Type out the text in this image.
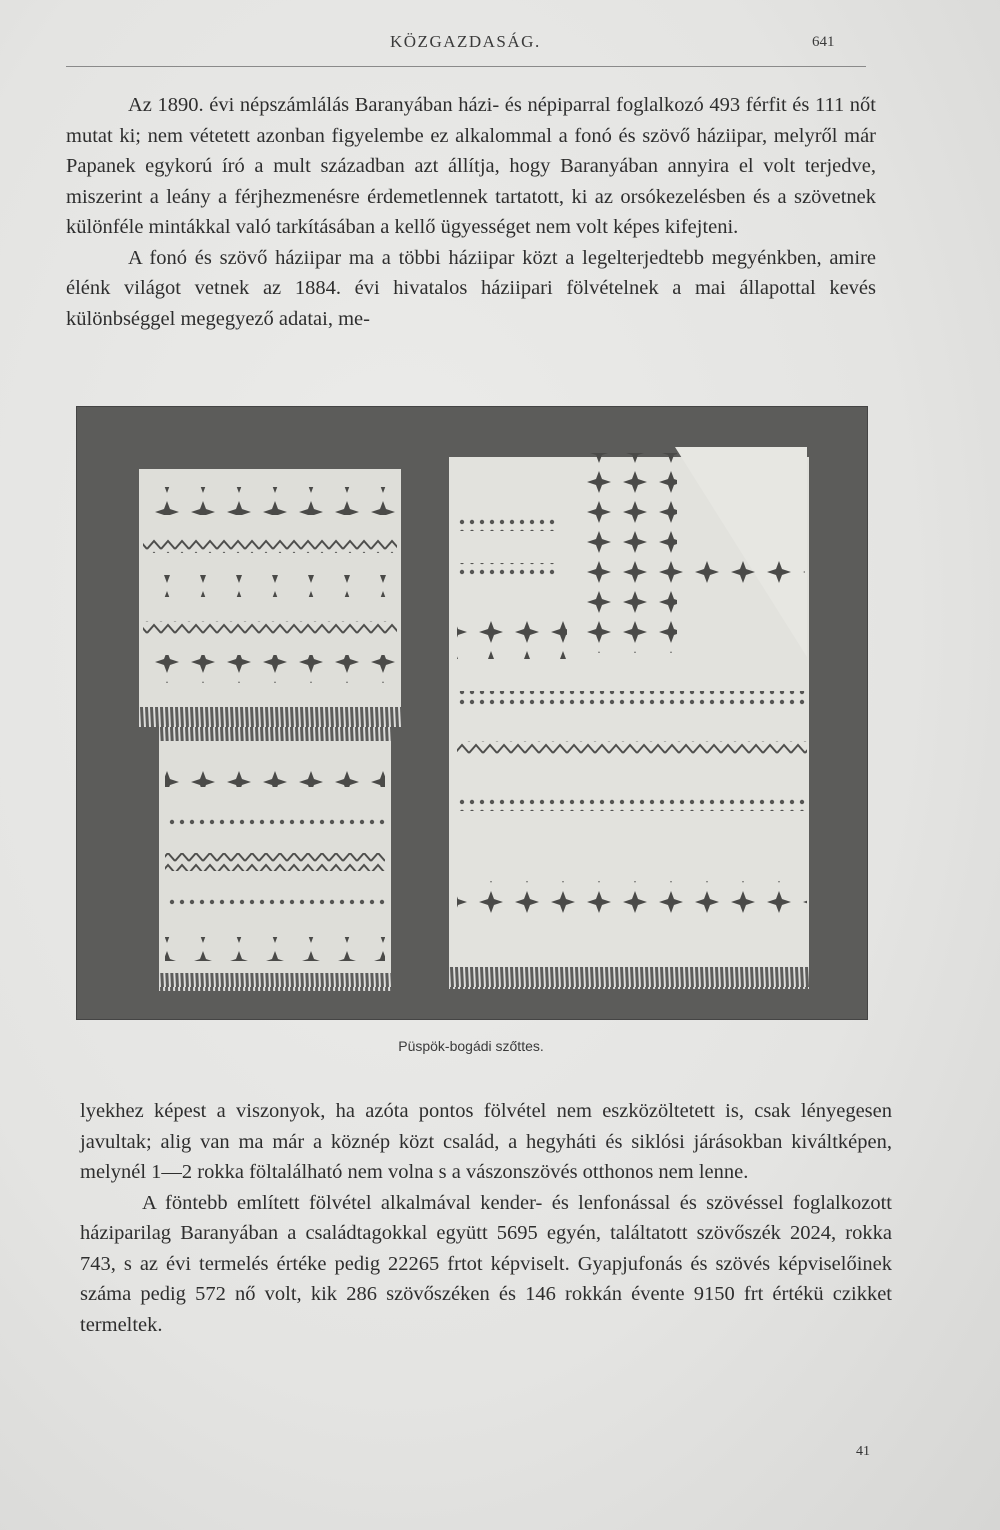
KÖZGAZDASÁG.	641

Az 1890. évi népszámlálás Baranyában házi- és népiparral foglalkozó 493 férfit és 111 nőt mutat ki; nem vétetett azonban figyelembe ez alkalommal a fonó és szövő háziipar, melyről már Papanek egykorú író a mult században azt állítja, hogy Baranyában annyira el volt terjedve, miszerint a leány a férjhezmenésre érdemetlennek tartatott, ki az orsókezelésben és a szövetnek különféle mintákkal való tarkításában a kellő ügyességet nem volt képes kifejteni.

A fonó és szövő háziipar ma a többi háziipar közt a legelterjedtebb megyénkben, amire élénk világot vetnek az 1884. évi hivatalos háziipari fölvételnek a mai állapottal kevés különbséggel megegyező adatai, me-

Püspök-bogádi szőttes.

lyekhez képest a viszonyok, ha azóta pontos fölvétel nem eszközöltetett is, csak lényegesen javultak; alig van ma már a köznép közt család, a hegyháti és siklósi járásokban kiváltképen, melynél 1—2 rokka föltalálható nem volna s a vászonszövés otthonos nem lenne.

A föntebb említett fölvétel alkalmával kender- és lenfonással és szövéssel foglalkozott háziparilag Baranyában a családtagokkal együtt 5695 egyén, találtatott szövőszék 2024, rokka 743, s az évi termelés értéke pedig 22265 frtot képviselt. Gyapjufonás és szövés képviselőinek száma pedig 572 nő volt, kik 286 szövőszéken és 146 rokkán évente 9150 frt értékü czikket termeltek.

41
